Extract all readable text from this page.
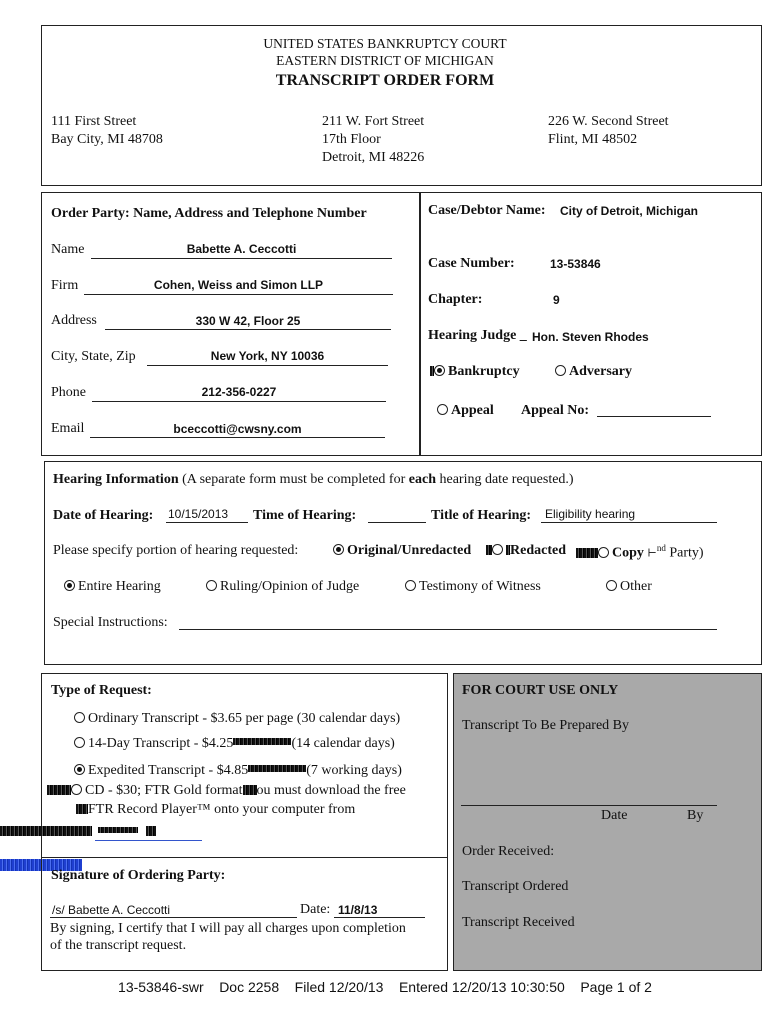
UNITED STATES BANKRUPTCY COURT
EASTERN DISTRICT OF MICHIGAN
TRANSCRIPT ORDER FORM
111 First Street
Bay City, MI 48708
211 W. Fort Street
17th Floor
Detroit, MI 48226
226 W. Second Street
Flint, MI 48502
Order Party: Name, Address and Telephone Number
Name	Babette A. Ceccotti
Firm	Cohen, Weiss and Simon LLP
Address	330 W 42, Floor 25
City, State, Zip	New York, NY 10036
Phone	212-356-0227
Email	bceccotti@cwsny.com
Case/Debtor Name: City of Detroit, Michigan
Case Number:	13-53846
Chapter:	9
Hearing Judge _ Hon. Steven Rhodes
Bankruptcy	Adversary
Appeal Appeal No:
Hearing Information (A separate form must be completed for each hearing date requested.)
Date of Hearing: 10/15/2013 Time of Hearing:	Title of Hearing: Eligibility hearing
Please specify portion of hearing requested:	Original/Unredacted	Redacted	Copy ⊢$^{nd}$ Party)
Entire Hearing	Ruling/Opinion of Judge	Testimony of Witness	Other
Special Instructions:
Type of Request:
Ordinary Transcript - $3.65 per page (30 calendar days)
14-Day Transcript - $4.25	(14 calendar days)
Expedited Transcript - $4.85	(7 working days)
CD - $30; FTR Gold format ou must download the free
FTR Record Player™ onto your computer from
Signature of Ordering Party:
/s/ Babette A. Ceccotti	Date: 11/8/13
By signing, I certify that I will pay all charges upon completion
of the transcript request.
FOR COURT USE ONLY
Transcript To Be Prepared By
Date	By
Order Received:
Transcript Ordered
Transcript Received
13-53846-swr    Doc 2258    Filed 12/20/13    Entered 12/20/13 10:30:50    Page 1 of 2
